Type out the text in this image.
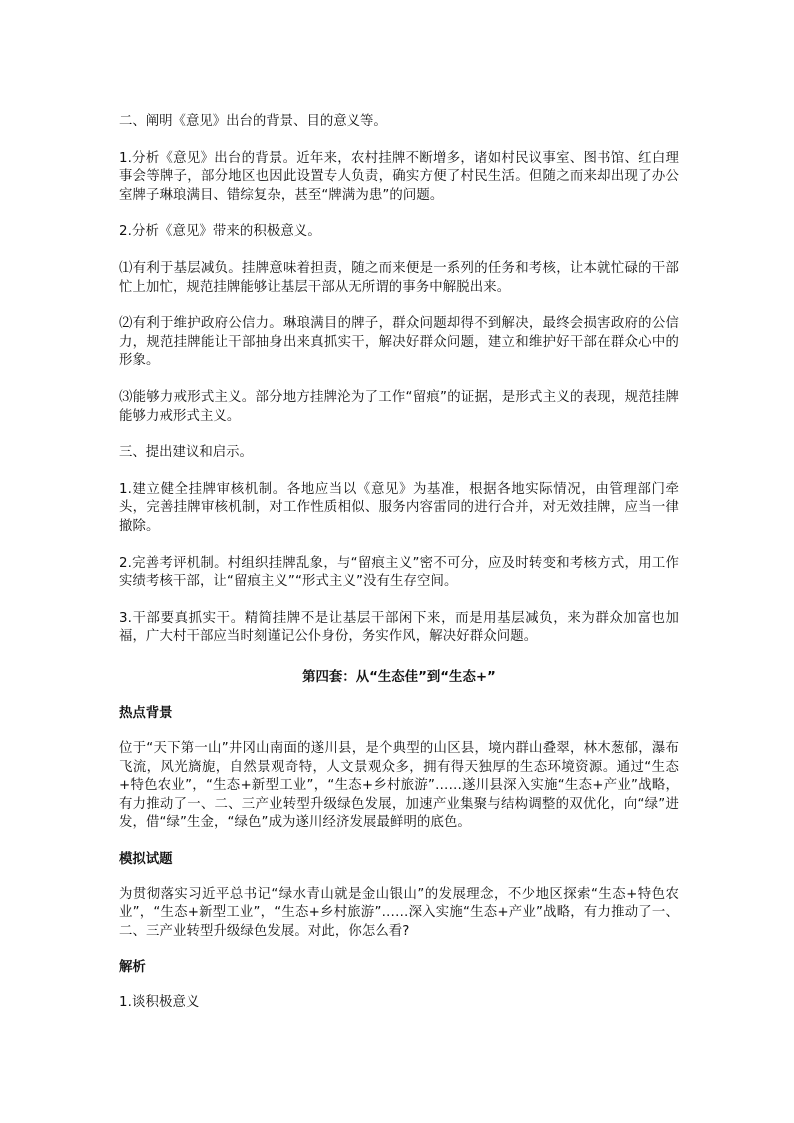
二、阐明《意见》出台的背景、目的意义等。

1.分析《意见》出台的背景。近年来，农村挂牌不断增多，诸如村民议事室、图书馆、红白理事会等牌子，部分地区也因此设置专人负责，确实方便了村民生活。但随之而来却出现了办公室牌子琳琅满目、错综复杂，甚至“牌满为患”的问题。

2.分析《意见》带来的积极意义。

⑴有利于基层减负。挂牌意味着担责，随之而来便是一系列的任务和考核，让本就忙碌的干部忙上加忙，规范挂牌能够让基层干部从无所谓的事务中解脱出来。

⑵有利于维护政府公信力。琳琅满目的牌子，群众问题却得不到解决，最终会损害政府的公信力，规范挂牌能让干部抽身出来真抓实干，解决好群众问题，建立和维护好干部在群众心中的形象。

⑶能够力戒形式主义。部分地方挂牌沦为了工作“留痕”的证据，是形式主义的表现，规范挂牌能够力戒形式主义。

三、提出建议和启示。

1.建立健全挂牌审核机制。各地应当以《意见》为基准，根据各地实际情况，由管理部门牵头，完善挂牌审核机制，对工作性质相似、服务内容雷同的进行合并，对无效挂牌，应当一律撤除。

2.完善考评机制。村组织挂牌乱象，与“留痕主义”密不可分，应及时转变和考核方式，用工作实绩考核干部，让“留痕主义”“形式主义”没有生存空间。

3.干部要真抓实干。精简挂牌不是让基层干部闲下来，而是用基层减负，来为群众加富也加福，广大村干部应当时刻谨记公仆身份，务实作风，解决好群众问题。

第四套：从“生态佳”到“生态+”

热点背景

位于“天下第一山”井冈山南面的遂川县，是个典型的山区县，境内群山叠翠，林木葱郁，瀑布飞流，风光旖旎，自然景观奇特，人文景观众多，拥有得天独厚的生态环境资源。通过“生态+特色农业”，“生态+新型工业”，“生态+乡村旅游”……遂川县深入实施“生态+产业”战略，有力推动了一、二、三产业转型升级绿色发展，加速产业集聚与结构调整的双优化，向“绿”进发，借“绿”生金，“绿色”成为遂川经济发展最鲜明的底色。

模拟试题

为贯彻落实习近平总书记“绿水青山就是金山银山”的发展理念，不少地区探索“生态+特色农业”，“生态+新型工业”，“生态+乡村旅游”……深入实施“生态+产业”战略，有力推动了一、二、三产业转型升级绿色发展。对此，你怎么看?

解析

1.谈积极意义
